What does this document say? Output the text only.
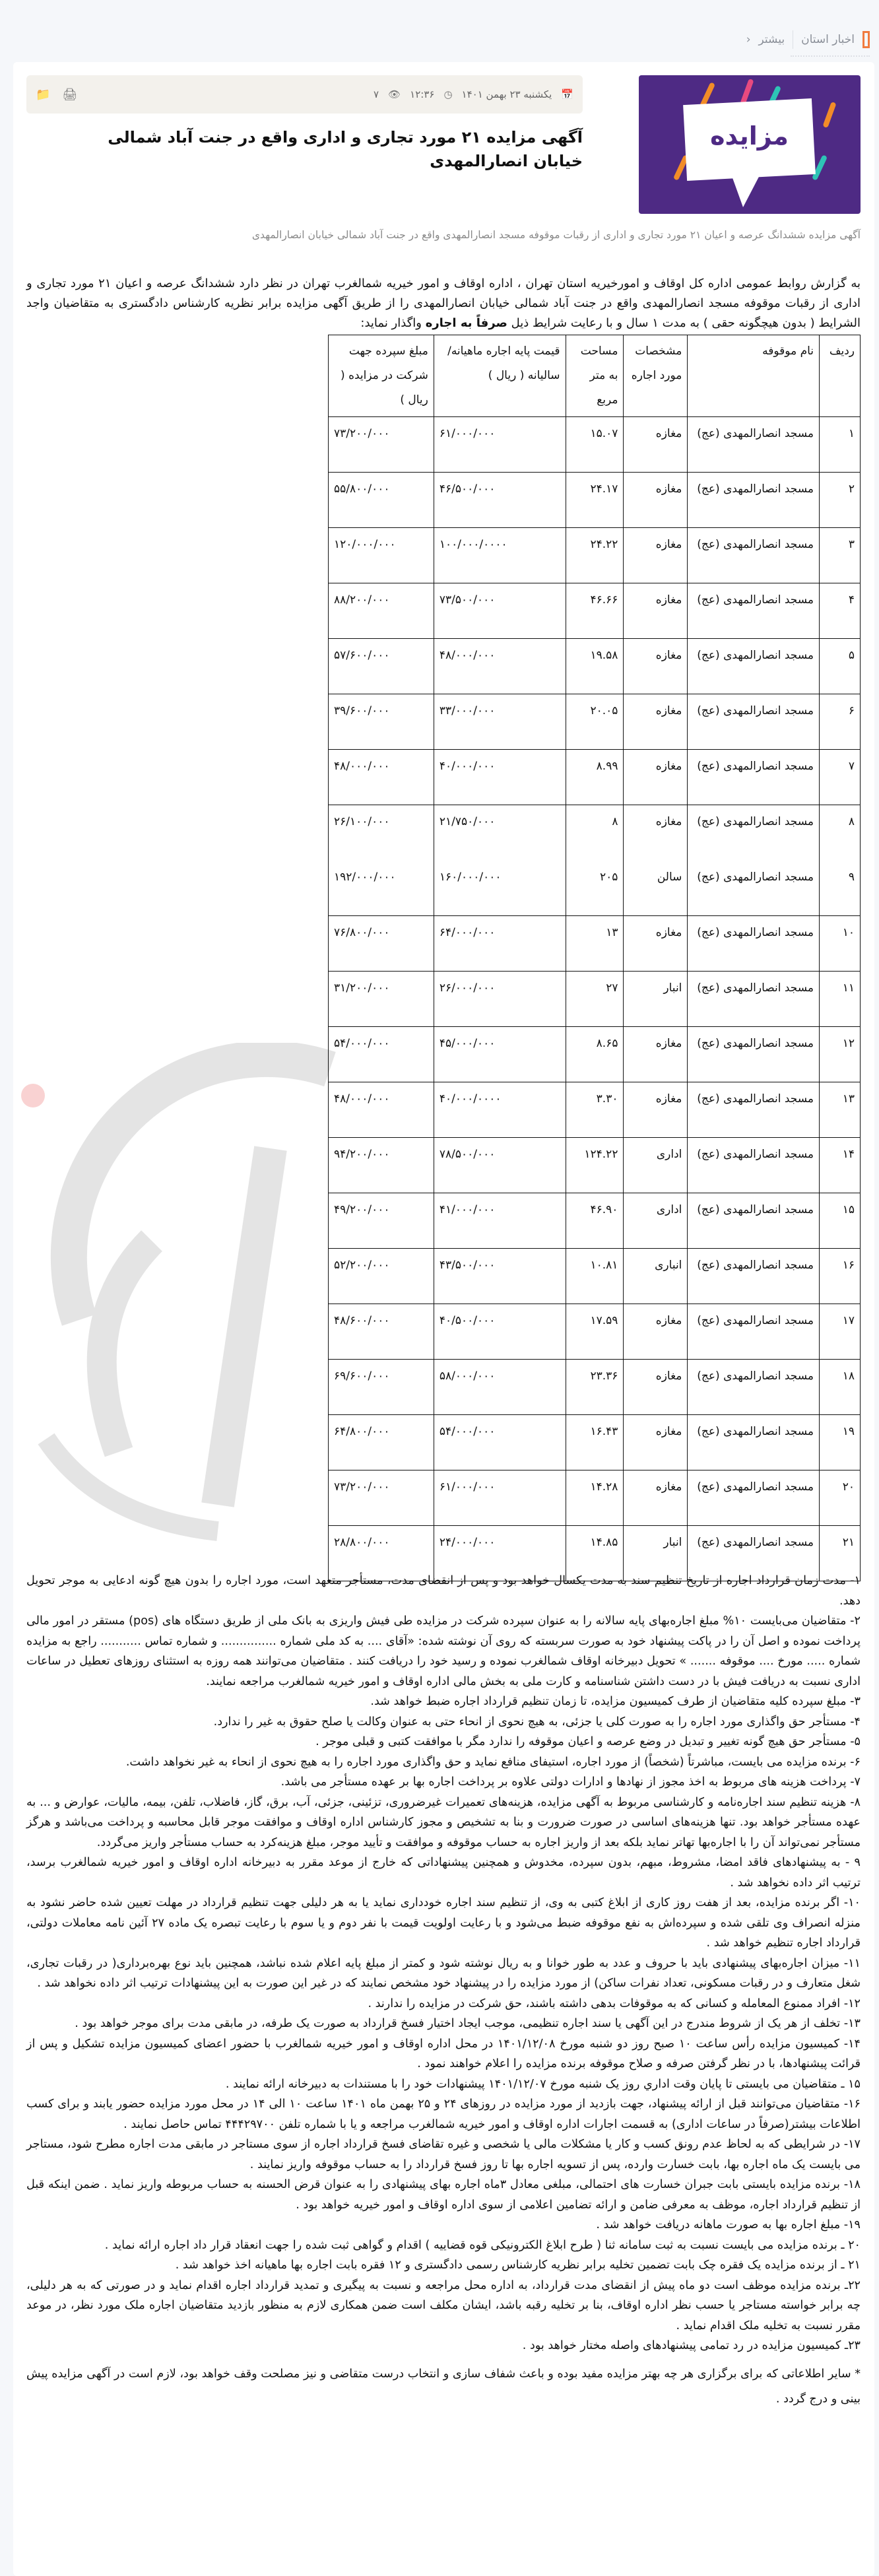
اخبار استان
بیشتر
‹
مزایده
📅
یکشنبه ۲۳ بهمن ۱۴۰۱
◷
۱۲:۳۶
👁
۷
🖨
📁
آگهی مزایده ۲۱ مورد تجاری و اداری واقع در جنت آباد شمالی خیابان انصارالمهدی

آگهی مزایده ششدانگ عرصه و اعیان ۲۱ مورد تجاری و اداری از رقبات موقوفه مسجد انصارالمهدی واقع در جنت آباد شمالی خیابان انصارالمهدی

به گزارش روابط عمومی اداره کل اوقاف و امورخیریه استان تهران ، اداره اوقاف و امور خیریه شمالغرب تهران در نظر دارد ششدانگ عرصه و اعیان ۲۱ مورد تجاری و اداری از رقبات موقوفه مسجد انصارالمهدی واقع در جنت آباد شمالی خیابان انصارالمهدی را از طریق آگهی مزایده برابر نظریه کارشناس دادگستری به متقاضیان واجد الشرایط ( بدون هیچگونه حقی ) به مدت ۱ سال و با رعایت شرایط ذیل صرفاً به اجاره واگذار نماید:

ردیف	نام موقوفه	مشخصات مورد اجاره	مساحت به متر مربع	قیمت پایه اجاره ماهیانه/سالیانه ( ریال )	مبلغ سپرده جهت شرکت در مزایده ( ریال )
۱	مسجد انصارالمهدی (عج)	مغازه	۱۵.۰۷	۶۱/۰۰۰/۰۰۰	۷۳/۲۰۰/۰۰۰
۲	مسجد انصارالمهدی (عج)	مغازه	۲۴.۱۷	۴۶/۵۰۰/۰۰۰	۵۵/۸۰۰/۰۰۰
۳	مسجد انصارالمهدی (عج)	مغازه	۲۴.۲۲	۱۰۰/۰۰۰/۰۰۰۰	۱۲۰/۰۰۰/۰۰۰
۴	مسجد انصارالمهدی (عج)	مغازه	۴۶.۶۶	۷۳/۵۰۰/۰۰۰	۸۸/۲۰۰/۰۰۰
۵	مسجد انصارالمهدی (عج)	مغازه	۱۹.۵۸	۴۸/۰۰۰/۰۰۰	۵۷/۶۰۰/۰۰۰
۶	مسجد انصارالمهدی (عج)	مغازه	۲۰.۰۵	۳۳/۰۰۰/۰۰۰	۳۹/۶۰۰/۰۰۰
۷	مسجد انصارالمهدی (عج)	مغازه	۸.۹۹	۴۰/۰۰۰/۰۰۰	۴۸/۰۰۰/۰۰۰
۸	مسجد انصارالمهدی (عج)	مغازه	۸	۲۱/۷۵۰/۰۰۰	۲۶/۱۰۰/۰۰۰
۹	مسجد انصارالمهدی (عج)	سالن	۲۰۵	۱۶۰/۰۰۰/۰۰۰	۱۹۲/۰۰۰/۰۰۰
۱۰	مسجد انصارالمهدی (عج)	مغازه	۱۳	۶۴/۰۰۰/۰۰۰	۷۶/۸۰۰/۰۰۰
۱۱	مسجد انصارالمهدی (عج)	انبار	۲۷	۲۶/۰۰۰/۰۰۰	۳۱/۲۰۰/۰۰۰
۱۲	مسجد انصارالمهدی (عج)	مغازه	۸.۶۵	۴۵/۰۰۰/۰۰۰	۵۴/۰۰۰/۰۰۰
۱۳	مسجد انصارالمهدی (عج)	مغازه	۳.۳۰	۴۰/۰۰۰/۰۰۰۰	۴۸/۰۰۰/۰۰۰
۱۴	مسجد انصارالمهدی (عج)	اداری	۱۲۴.۲۲	۷۸/۵۰۰/۰۰۰	۹۴/۲۰۰/۰۰۰
۱۵	مسجد انصارالمهدی (عج)	اداری	۴۶.۹۰	۴۱/۰۰۰/۰۰۰	۴۹/۲۰۰/۰۰۰
۱۶	مسجد انصارالمهدی (عج)	انباری	۱۰.۸۱	۴۳/۵۰۰/۰۰۰	۵۲/۲۰۰/۰۰۰
۱۷	مسجد انصارالمهدی (عج)	مغازه	۱۷.۵۹	۴۰/۵۰۰/۰۰۰	۴۸/۶۰۰/۰۰۰
۱۸	مسجد انصارالمهدی (عج)	مغازه	۲۳.۳۶	۵۸/۰۰۰/۰۰۰	۶۹/۶۰۰/۰۰۰
۱۹	مسجد انصارالمهدی (عج)	مغازه	۱۶.۴۳	۵۴/۰۰۰/۰۰۰	۶۴/۸۰۰/۰۰۰
۲۰	مسجد انصارالمهدی (عج)	مغازه	۱۴.۲۸	۶۱/۰۰۰/۰۰۰	۷۳/۲۰۰/۰۰۰
۲۱	مسجد انصارالمهدی (عج)	انبار	۱۴.۸۵	۲۴/۰۰۰/۰۰۰	۲۸/۸۰۰/۰۰۰

۱- مدت زمان قرارداد اجاره از تاریخ تنظیم سند به مدت یکسال خواهد بود و پس از انقضای مدت، مستأجر متعهد است، مورد اجاره را بدون هیچ گونه ادعایی به موجر تحویل دهد.

۲- متقاضیان می‌بایست ۱۰% مبلغ اجاره‌بهای پایه سالانه را به عنوان سپرده شرکت در مزایده طی فیش واریزی به بانک ملی از طریق دستگاه های (pos) مستقر در امور مالی پرداخت نموده و اصل آن را در پاکت پیشنهاد خود به صورت سربسته که روی آن نوشته شده: «آقای .... به کد ملی شماره ............... و شماره تماس ........... راجع به مزایده شماره ..... مورخ .... موقوفه ....... » تحویل دبیرخانه اوقاف شمالغرب نموده و رسید خود را دریافت کنند . متقاضیان می‌توانند همه روزه به استثنای روزهای تعطیل در ساعات اداری نسبت به دریافت فیش با در دست داشتن شناسنامه و کارت ملی به بخش مالی اداره اوقاف و امور خیریه شمالغرب مراجعه نمایند.

۳- مبلغ سپرده کلیه متقاضیان از طرف کمیسیون مزایده، تا زمان تنظیم قرارداد اجاره ضبط خواهد شد.

۴- مستأجر حق واگذاری مورد اجاره را به صورت کلی یا جزئی، به هیچ نحوی از انحاء حتی به عنوان وکالت یا صلح حقوق به غیر را ندارد.

۵- مستأجر حق هیچ گونه تغییر و تبدیل در وضع عرصه و اعیان موقوفه را ندارد مگر با موافقت کتبی و قبلی موجر .

۶- برنده مزایده می بایست، مباشرتاً (شخصاً) از مورد اجاره، استیفای منافع نماید و حق واگذاری مورد اجاره را به هیچ نحوی از انحاء به غیر نخواهد داشت.

۷- پرداخت هزینه های مربوط به اخذ مجوز از نهادها و ادارات دولتی علاوه بر پرداخت اجاره بها بر عهده مستأجر می باشد.

۸- هزینه تنظیم سند اجاره‌نامه و کارشناسی مربوط به آگهی مزایده، هزینه‌های تعمیرات غیرضروری، تزئینی، جزئی، آب، برق، گاز، فاضلاب، تلفن، بیمه، مالیات، عوارض و ... به عهده مستأجر خواهد بود. تنها هزینه‌های اساسی در صورت ضرورت و بنا به تشخیص و مجوز کارشناس اداره اوقاف و موافقت موجر قابل محاسبه و پرداخت می‌باشد و هرگز مستأجر نمی‌تواند آن را با اجاره‌بها تهاتر نماید بلکه بعد از واریز اجاره به حساب موقوفه و موافقت و تأیید موجر، مبلغ هزینه‌کرد به حساب مستأجر واریز می‌گردد.

۹ - به پیشنهادهای فاقد امضا، مشروط، مبهم، بدون سپرده، مخدوش و همچنین پیشنهاداتی که خارج از موعد مقرر به دبیرخانه اداره اوقاف و امور خیریه شمالغرب برسد، ترتیب اثر داده نخواهد شد .

۱۰- اگر برنده مزایده، بعد از هفت روز کاری از ابلاغ کتبی به وی، از تنظیم سند اجاره خودداری نماید یا به هر دلیلی جهت تنظیم قرارداد در مهلت تعیین شده حاضر نشود به منزله انصراف وی تلقی شده و سپرده‌اش به نفع موقوفه ضبط می‌شود و با رعایت اولویت قیمت با نفر دوم و یا سوم با رعایت تبصره یک ماده ۲۷ آئین نامه معاملات دولتی، قرارداد اجاره تنظیم خواهد شد .

۱۱- میزان اجاره‌بهای پیشنهادی باید با حروف و عدد به طور خوانا و به ریال نوشته شود و کمتر از مبلغ پایه اعلام شده نباشد، همچنین باید نوع بهره‌برداری( در رقبات تجاری، شغل متعارف و در رقبات مسکونی، تعداد نفرات ساکن) از مورد مزایده را در پیشنهاد خود مشخص نمایند که در غیر این صورت به این پیشنهادات ترتیب اثر داده نخواهد شد .

۱۲- افراد ممنوع المعامله و کسانی که به موقوفات بدهی داشته باشند، حق شرکت در مزایده را ندارند .

۱۳- تخلف از هر یک از شروط مندرج در این آگهی یا سند اجاره تنظیمی، موجب ایجاد اختیار فسخ قرارداد به صورت یک طرفه، در مابقی مدت برای موجر خواهد بود .

۱۴- کمیسیون مزایده رأس ساعت ۱۰ صبح روز دو شنبه مورخ ۱۴۰۱/۱۲/۰۸ در محل اداره اوقاف و امور خیریه شمالغرب با حضور اعضای کمیسیون مزایده تشکیل و پس از قرائت پیشنهادها، با در نظر گرفتن صرفه و صلاح موقوفه برنده مزایده را اعلام خواهند نمود .

۱۵ ـ متقاضیان می بایستی تا پایان وقت اداري روز یک شنبه مورخ ۱۴۰۱/۱۲/۰۷ پیشنهادات خود را با مستندات به دبیرخانه ارائه نمایند .

۱۶- متقاضیان می‌توانند قبل از ارائه پیشنهاد، جهت بازدید از مورد مزایده در روزهای ۲۴ و ۲۵ بهمن ماه ۱۴۰۱ ساعت ۱۰ الی ۱۴ در محل مورد مزایده حضور یابند و برای کسب اطلاعات بیشتر(صرفاً در ساعات اداری) به قسمت اجارات اداره اوقاف و امور خیریه شمالغرب مراجعه و یا با شماره تلفن ۴۴۴۲۹۷۰۰ تماس حاصل نمایند .

۱۷- در شرایطی که به لحاظ عدم رونق کسب و کار یا مشکلات مالی یا شخصی و غیره تقاضای فسخ قرارداد اجاره از سوی مستاجر در مابقی مدت اجاره مطرح شود، مستاجر می بایست یک ماه اجاره بها، بابت خسارت وارده، پس از تسویه اجاره بها تا روز فسخ قرارداد را به حساب موقوفه واریز نمایند .

۱۸- برنده مزایده بایستی بابت جبران خسارت های احتمالی، مبلغی معادل ۳ماه اجاره بهای پیشنهادی را به عنوان قرض الحسنه به حساب مربوطه واریز نماید . ضمن اینکه قبل از تنظیم قرارداد اجاره، موظف به معرفی ضامن و ارائه تضامین اعلامی از سوی اداره اوقاف و امور خیریه خواهد بود .

۱۹- مبلغ اجاره بها به صورت ماهانه دریافت خواهد شد .

۲۰ ـ برنده مزایده می بایست نسبت به ثبت سامانه ثنا ( طرح ابلاغ الکترونیکی قوه قضاییه ) اقدام و گواهی ثبت شده را جهت انعقاد قرار داد اجاره ارائه نماید .

۲۱ ـ از برنده مزایده یک فقره چک بابت تضمین تخلیه برابر نظریه کارشناس رسمی دادگستری و ۱۲ فقره بابت اجاره بها ماهیانه اخذ خواهد شد .

۲۲ـ برنده مزایده موظف است دو ماه پیش از انقضای مدت قرارداد، به اداره محل مراجعه و نسبت به پیگیری و تمدید قرارداد اجاره اقدام نماید و در صورتی که به هر دلیلی، چه برابر خواسته مستاجر یا حسب نظر اداره اوقاف، بنا بر تخلیه رقبه باشد، ایشان مکلف است ضمن همکاری لازم به منظور بازدید متقاضیان اجاره ملک مورد نظر، در موعد مقرر نسبت به تخلیه ملک اقدام نماید .

۲۳ـ کمیسیون مزایده در رد تمامی پیشنهادهای واصله مختار خواهد بود .

* سایر اطلاعاتی که برای برگزاری هر چه بهتر مزایده مفید بوده و باعث شفاف سازی و انتخاب درست متقاضی و نیز مصلحت وقف خواهد بود، لازم است در آگهی مزایده پیش بینی و درج گردد .
